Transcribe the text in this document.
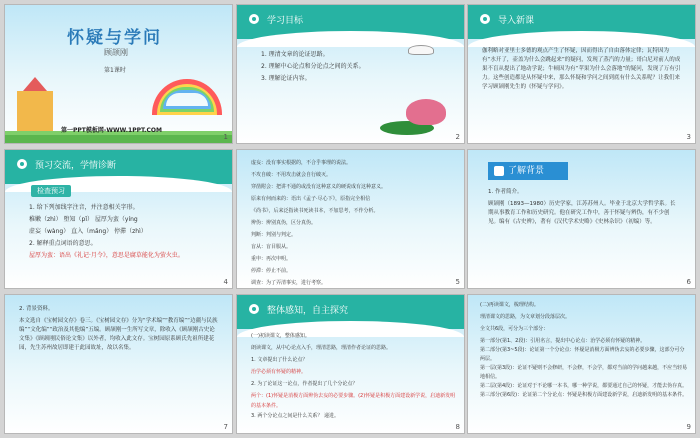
怀疑与学问
顾颉刚
第1课时
第一PPT模板网-WWW.1PPT.COM
1
学习目标
1. 理清文章的论证思路。
2. 理解中心论点和分论点之间的关系。
3. 理解论证内容。
2
导入新课
伽利略对亚里士多德的观点产生了怀疑，因而得出了自由落体定律；瓦特因为有“水开了，壶盖为什么会跳起来”的疑问，发现了蒸汽的力量；哥白尼对前人的成果不盲从提出了地动学说；牛顿因为有“苹果为什么会落地”的疑问，发现了万有引力。这些创造都是从怀疑中来，那么怀疑和学问之间到底有什么关系呢？让我们来学习顾颉刚先生的《怀疑与学问》。
3
预习交流，学情诊断
检查预习
1. 给下列加线字注音，并注意相关字形。
稚嫩（zhì） 堕知（pǐ） 屋厚为蛮（yíng
虚妄（wàng） 直入（mǎng） 停滞（zhì）
2. 解释重点词语的意思。
屋厚为蛮：语出《礼记·月令》，意思是腐草能化为萤火虫。
4
虚妄：没有事实根据的，不合乎事理的说法。
不攻自破：不用攻击就会自行破灭。
穿凿附会：把讲不通的或没有这种意义的硬说成有这种意义。
原来有何而来的：语出《孟子·尽心下》，原指完全相信
《尚书》，后来泛指读书死读书本，不加思考，不作分析。
辨伪：辨别真伪，区分真伪。
判断：判别与判定。
盲从：盲目服从。
重申：再次申明。
停滞：停止不前。
调查：为了弄清事实，进行考察。	5
了解背景
1. 作者简介。
顾颉刚（1893—1980）历史学家，江苏苏州人。毕业于北京大学哲学系。长期从事教育工作和历史研究。他在研究工作中，善于怀疑与辨伪，有不少创见。编有《古史辨》，著有《汉代学术史略》《史林杂识》（初编）等。
6
2. 背景资料。
本文选自《宝树园文存》卷三。《宝树园文存》分为“学术编”“教育编”“边疆与民族编”“文化编”“政治及其他编”五编。顾颉刚一生所写文章，除收入《顾颉刚古史论文集》《顾颉刚民俗论文集》以外者，均收入此文存。宝树园原系顾氏先祖所建花园，先生苏州故居即建于此园故址，故以名集。
7
整体感知，自主探究
(一)初读课文，整体感知。
朗读课文，从中心论点入手，理清思路，理清作者论证的思路。
1. 文章提出了什么论点？
治学必须有怀疑的精神。
2. 为了论证这一论点，作者提出了几个分论点？
两个：(1)怀疑是消极方面辨伪去妄的必要步骤。(2)怀疑是积极方面建设新学说，启迪新发明的基本条件。
3. 两个分论点之间是什么关系？ 递进。
8
(二)再读课文，梳理结构。
理清课文的思路，为文章划分段落层次。
全文共6段，可分为三个部分：
第一部分(第1、2段)：引用名言，提出中心论点：治学必须有怀疑的精神。
第二部分(第3~5段)：论证第一个分论点：怀疑是消极方面辨伪去妄的必要步骤，这部分可分两层。
第一层(第3段)：论证不疑则不会修研，不会修，不会学，都对当前的学问越来越，不应当轻易地相信。
第二层(第4段)：论证对于不论哪一本书，哪一种学说，都要通过自己的怀疑，才能去伪存真。
第三部分(第6段)：论证第二个分论点：怀疑是积极方面建设新学说，启迪新发明的基本条件。
9
